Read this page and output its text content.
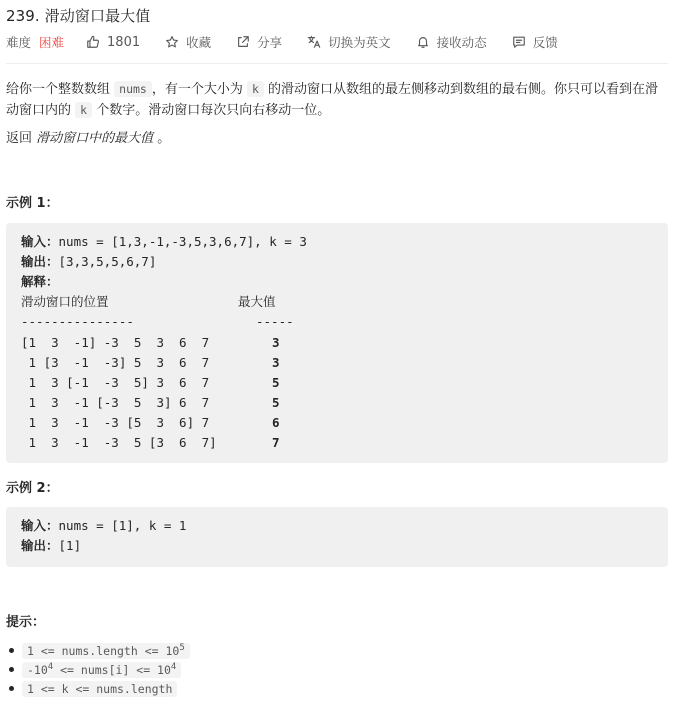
239. 滑动窗口最大值
难度 困难	1801	收藏	分享	切换为英文	接收动态	反馈
给你一个整数数组 nums ，有一个大小为 k 的滑动窗口从数组的最左侧移动到数组的最右侧。你只可以看到在滑动窗口内的 k 个数字。滑动窗口每次只向右移动一位。
返回 滑动窗口中的最大值 。
示例 1：
输入：nums = [1,3,-1,-3,5,3,6,7], k = 3
输出：[3,3,5,5,6,7]
解释：
滑动窗口的位置	最大值
---------------	-----
[1  3  -1] -3  5  3  6  7	3
1 [3  -1  -3] 5  3  6  7	3
1  3 [-1  -3  5] 3  6  7	5
1  3  -1 [-3  5  3] 6  7	5
1  3  -1  -3 [5  3  6] 7	6
1  3  -1  -3  5 [3  6  7]	7
示例 2：
输入：nums = [1], k = 1
输出：[1]
提示：
1 <= nums.length <= $10^5$
$-10^4$ <= nums[i] <= $10^4$
1 <= k <= nums.length
